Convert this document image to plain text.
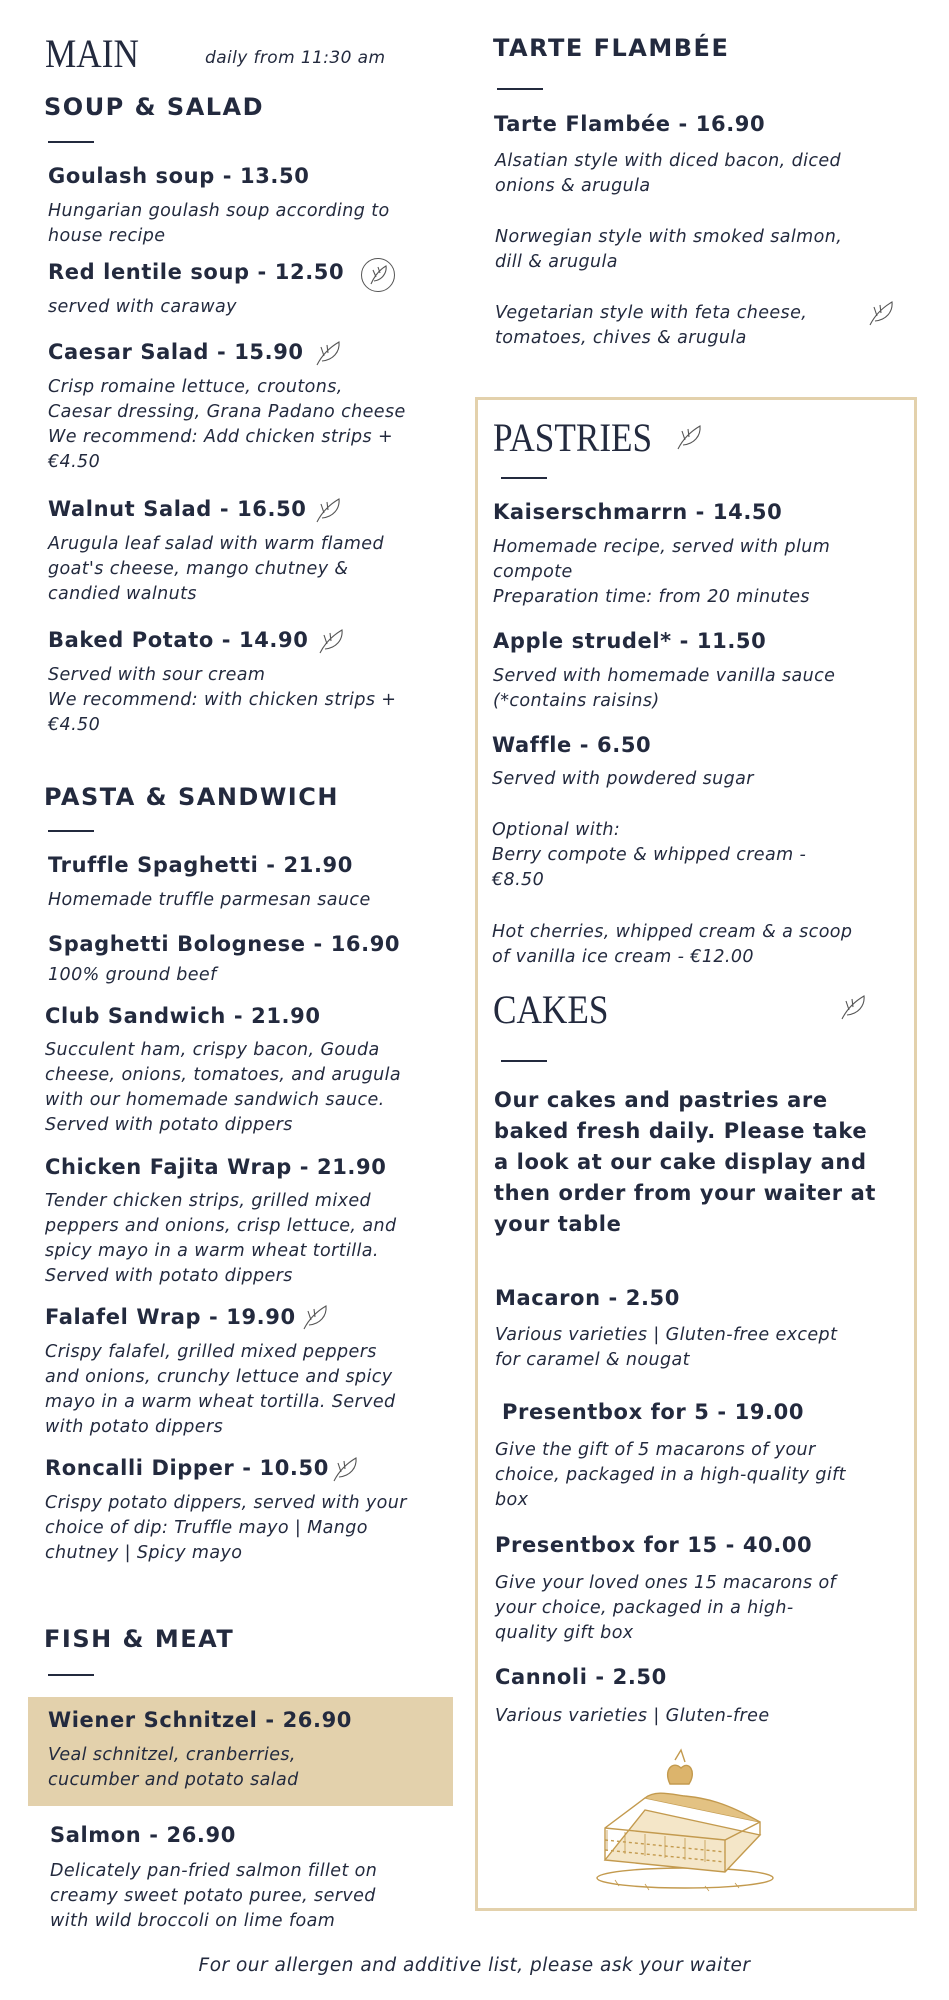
MAIN	daily from 11:30 am
SOUP & SALAD
Goulash soup - 13.50
Hungarian goulash soup according to
house recipe
Red lentile soup - 12.50
served with caraway
Caesar Salad - 15.90
Crisp romaine lettuce, croutons,
Caesar dressing, Grana Padano cheese
We recommend: Add chicken strips +
€4.50
Walnut Salad - 16.50
Arugula leaf salad with warm flamed
goat's cheese, mango chutney &
candied walnuts
Baked Potato - 14.90
Served with sour cream
We recommend: with chicken strips +
€4.50
PASTA & SANDWICH
Truffle Spaghetti - 21.90
Homemade truffle parmesan sauce
Spaghetti Bolognese - 16.90
100% ground beef
Club Sandwich - 21.90
Succulent ham, crispy bacon, Gouda
cheese, onions, tomatoes, and arugula
with our homemade sandwich sauce.
Served with potato dippers
Chicken Fajita Wrap - 21.90
Tender chicken strips, grilled mixed
peppers and onions, crisp lettuce, and
spicy mayo in a warm wheat tortilla.
Served with potato dippers
Falafel Wrap - 19.90
Crispy falafel, grilled mixed peppers
and onions, crunchy lettuce and spicy
mayo in a warm wheat tortilla. Served
with potato dippers
Roncalli Dipper - 10.50
Crispy potato dippers, served with your
choice of dip: Truffle mayo | Mango
chutney | Spicy mayo
FISH & MEAT
Wiener Schnitzel - 26.90
Veal schnitzel, cranberries,
cucumber and potato salad
Salmon - 26.90
Delicately pan-fried salmon fillet on
creamy sweet potato puree, served
with wild broccoli on lime foam
TARTE FLAMBÉE
Tarte Flambée - 16.90
Alsatian style with diced bacon, diced
onions & arugula
Norwegian style with smoked salmon,
dill & arugula
Vegetarian style with feta cheese,
tomatoes, chives & arugula
PASTRIES
Kaiserschmarrn - 14.50
Homemade recipe, served with plum
compote
Preparation time: from 20 minutes
Apple strudel* - 11.50
Served with homemade vanilla sauce
(*contains raisins)
Waffle - 6.50
Served with powdered sugar
Optional with:
Berry compote & whipped cream -
€8.50
Hot cherries, whipped cream & a scoop
of vanilla ice cream - €12.00
CAKES
Our cakes and pastries are
baked fresh daily. Please take
a look at our cake display and
then order from your waiter at
your table
Macaron - 2.50
Various varieties | Gluten-free except
for caramel & nougat
Presentbox for 5 - 19.00
Give the gift of 5 macarons of your
choice, packaged in a high-quality gift
box
Presentbox for 15 - 40.00
Give your loved ones 15 macarons of
your choice, packaged in a high-
quality gift box
Cannoli - 2.50
Various varieties | Gluten-free
For our allergen and additive list, please ask your waiter
